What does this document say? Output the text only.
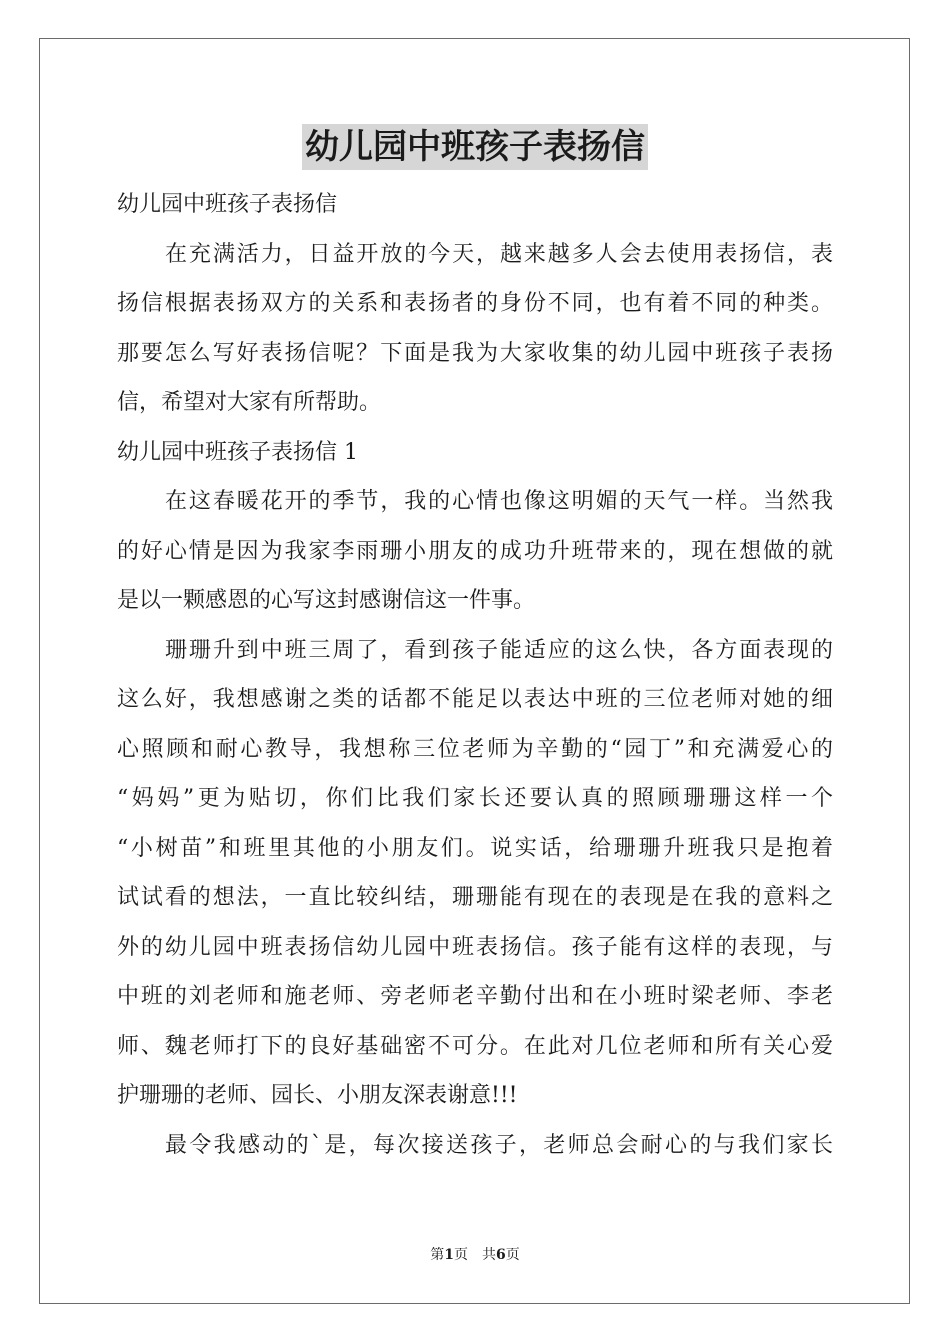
幼儿园中班孩子表扬信

幼儿园中班孩子表扬信

在充满活力，日益开放的今天，越来越多人会去使用表扬信，表

扬信根据表扬双方的关系和表扬者的身份不同，也有着不同的种类。

那要怎么写好表扬信呢？下面是我为大家收集的幼儿园中班孩子表扬

信，希望对大家有所帮助。

幼儿园中班孩子表扬信 1

在这春暖花开的季节，我的心情也像这明媚的天气一样。当然我

的好心情是因为我家李雨珊小朋友的成功升班带来的，现在想做的就

是以一颗感恩的心写这封感谢信这一件事。

珊珊升到中班三周了，看到孩子能适应的这么快，各方面表现的

这么好，我想感谢之类的话都不能足以表达中班的三位老师对她的细

心照顾和耐心教导，我想称三位老师为辛勤的“园丁”和充满爱心的

“妈妈”更为贴切，你们比我们家长还要认真的照顾珊珊这样一个

“小树苗”和班里其他的小朋友们。说实话，给珊珊升班我只是抱着

试试看的想法，一直比较纠结，珊珊能有现在的表现是在我的意料之

外的幼儿园中班表扬信幼儿园中班表扬信。孩子能有这样的表现，与

中班的刘老师和施老师、旁老师老辛勤付出和在小班时梁老师、李老

师、魏老师打下的良好基础密不可分。在此对几位老师和所有关心爱

护珊珊的老师、园长、小朋友深表谢意!!!

最令我感动的`是，每次接送孩子，老师总会耐心的与我们家长

第1页　共6页
